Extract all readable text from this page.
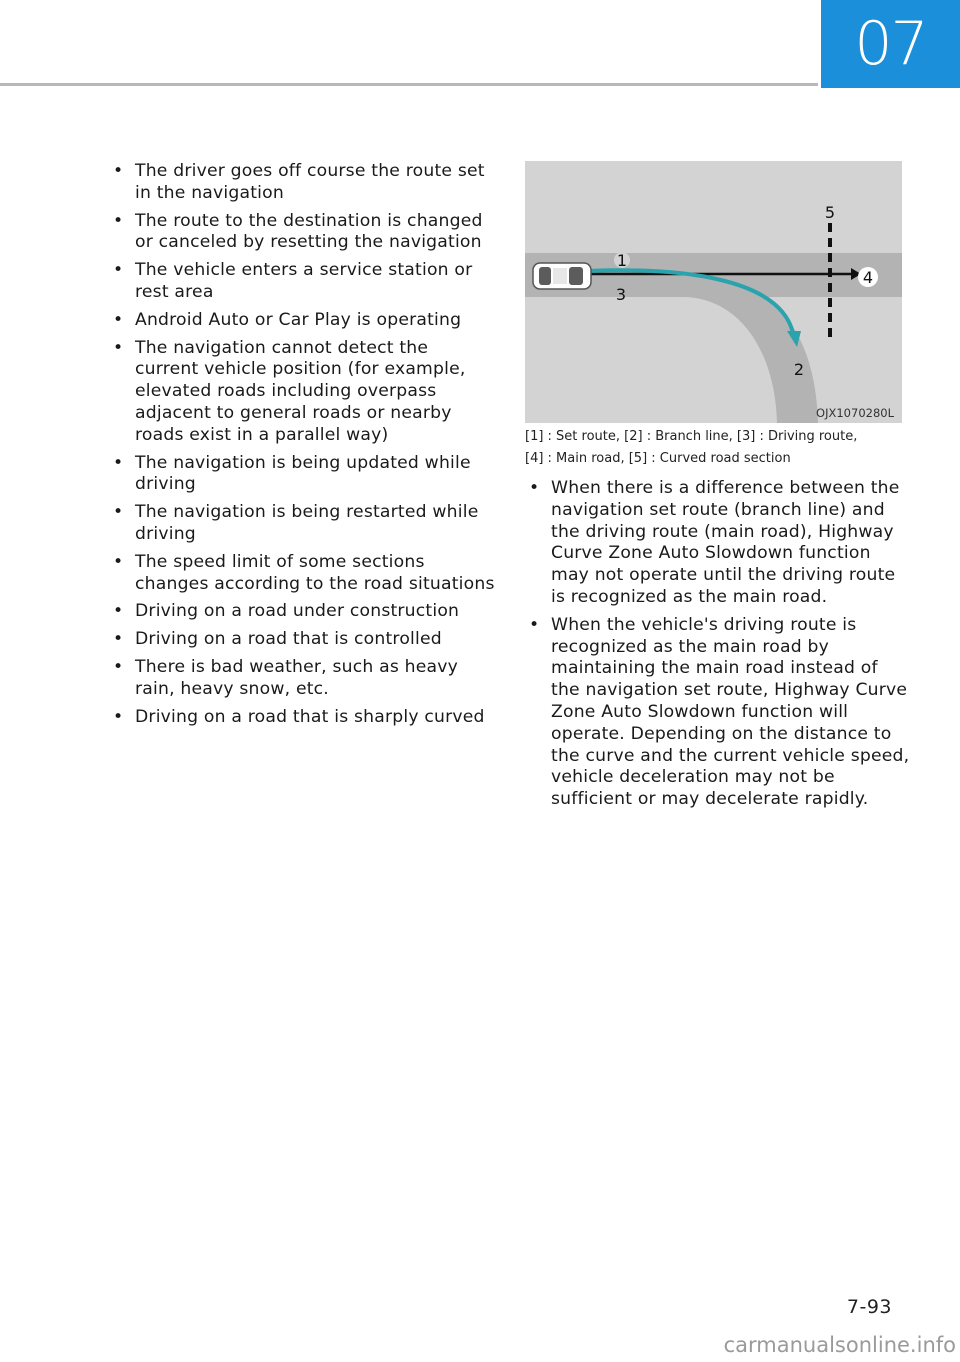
07
• The driver goes off course the route set in the navigation
• The route to the destination is changed or canceled by resetting the navigation
• The vehicle enters a service station or rest area
• Android Auto or Car Play is operating
• The navigation cannot detect the current vehicle position (for example, elevated roads including overpass adjacent to general roads or nearby roads exist in a parallel way)
• The navigation is being updated while driving
• The navigation is being restarted while driving
• The speed limit of some sections changes according to the road situations
• Driving on a road under construction
• Driving on a road that is controlled
• There is bad weather, such as heavy rain, heavy snow, etc.
• Driving on a road that is sharply curved
1
3
4
5
2
OJX1070280L
[1] : Set route, [2] : Branch line, [3] : Driving route,
[4] : Main road, [5] : Curved road section
• When there is a difference between the navigation set route (branch line) and the driving route (main road), Highway Curve Zone Auto Slowdown function may not operate until the driving route is recognized as the main road.
• When the vehicle's driving route is recognized as the main road by maintaining the main road instead of the navigation set route, Highway Curve Zone Auto Slowdown function will operate. Depending on the distance to the curve and the current vehicle speed, vehicle deceleration may not be sufficient or may decelerate rapidly.
7-93
carmanualsonline.info
